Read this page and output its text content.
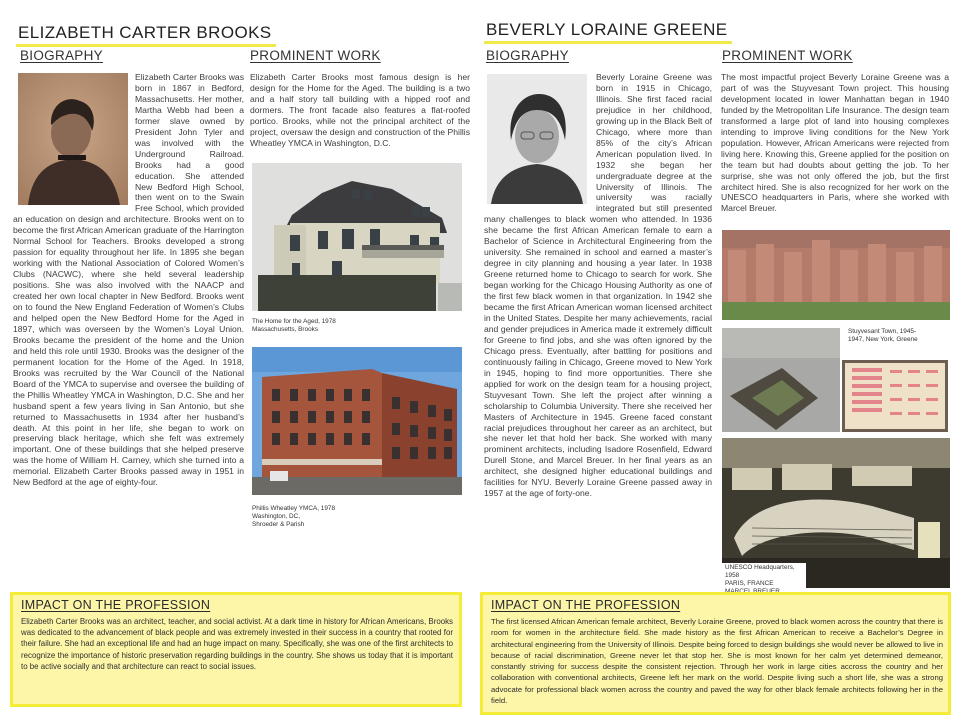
ELIZABETH CARTER BROOKS
BIOGRAPHY	PROMINENT WORK
Elizabeth Carter Brooks was born in 1867 in Bedford, Massachusetts. Her mother, Martha Webb had been a former slave owned by President John Tyler and was involved with the Underground Railroad. Brooks had a good education. She attended New Bedford High School, then went on to the Swain Free School, which provided an education on design and architecture. Brooks went on to become the first African American graduate of the Harrington Normal School for Teachers. Brooks developed a strong passion for equality throughout her life. In 1895 she began working with the National Association of Colored Women’s Clubs (NACWC), where she held several leadership positions. She was also involved with the NAACP and created her own local chapter in New Bedford. Brooks went on to found the New England Federation of Women’s Clubs and helped open the New Bedford Home for the Aged in 1897, which was overseen by the Women’s Loyal Union. Brooks became the president of the home and the Union and held this role until 1930. Brooks was the designer of the permanent location for the Home of the Aged. In 1918, Brooks was recruited by the War Council of the National Board of the YMCA to supervise and oversee the building of the Phillis Wheatley YMCA in Washington, D.C. She and her husband spent a few years living in San Antonio, but she returned to Massachusetts in 1934 after her husband’s death. At this point in her life, she began to work on preserving black heritage, which she felt was extremely important. One of these buildings that she helped preserve was the home of William H. Carney, which she turned into a memorial. Elizabeth Carter Brooks passed away in 1951 in New Bedford at the age of eighty-four.
Elizabeth Carter Brooks most famous design is her design for the Home for the Aged. The building is a two and a half story tall building with a hipped roof and dormers. The front facade also features a flat-roofed portico. Brooks, while not the principal architect of the project, oversaw the design and construction of the Phillis Wheatley YMCA in Washington, D.C.
The Home for the Aged, 1978
Massachusetts, Brooks
Phillis Wheatley YMCA, 1978
Washington, DC,
Shroeder & Parish
IMPACT ON THE PROFESSION
Elizabeth Carter Brooks was an architect, teacher, and social activist. At a dark time in history for African Americans, Brooks was dedicated to the advancement of black people and was extremely invested in their success in a country that rooted for their failure. She had an exceptional life and had an huge impact on many. Specifically, she was one of the first architects to recognize the importance of historic preservation regarding buildings in the country. She shows us today that it is important to be active socially and that architecture can react to social issues.
BEVERLY LORAINE GREENE
BIOGRAPHY	PROMINENT WORK
Beverly Loraine Greene was born in 1915 in Chicago, Illinois. She first faced racial prejudice in her childhood, growing up in the Black Belt of Chicago, where more than 85% of the city’s African American population lived. In 1932 she began her undergraduate degree at the University of Illinois. The university was racially integrated but still presented many challenges to black women who attended. In 1936 she became the first African American female to earn a Bachelor of Science in Architectural Engineering from the university. She remained in school and earned a master’s degree in city planning and housing a year later. In 1938 Greene returned home to Chicago to search for work. She began working for the Chicago Housing Authority as one of the first few black women in that organization. In 1942 she became the first African American woman licensed architect in the United States. Despite her many achievements, racial and gender prejudices in America made it extremely difficult for Greene to find jobs, and she was often ignored by the Chicago press. Eventually, after battling for positions and continuously failing in Chicago, Greene moved to New York in 1945, hoping to find more opportunities. There she applied for work on the design team for a housing project, Stuyvesant Town. She left the project after winning a scholarship to Columbia University. There she received her Masters of Architecture in 1945. Greene faced constant racial prejudices throughout her career as an architect, but she never let that hold her back. She worked with many prominent architects, including Isadore Rosenfield, Edward Durell Stone, and Marcel Breuer. In her final years as an architect, she designed higher educational buildings and facilities for NYU. Beverly Loraine Greene passed away in 1957 at the age of forty-one.
The most impactful project Beverly Loraine Greene was a part of was the Stuyvesant Town project. This housing development located in lower Manhattan began in 1940 funded by the Metropolitan Life Insurance. The design team transformed a large plot of land into housing complexes intending to improve living conditions for the New York population. However, African Americans were rejected from living here. Knowing this, Greene applied for the position on the team but had doubts about getting the job. To her surprise, she was not only offered the job, but the first architect hired. She is also recognized for her work on the UNESCO headquarters in Paris, where she worked with Marcel Breuer.
Stuyvesant Town, 1945-
1947, New York, Greene
UNESCO Headquarters, 1958
PARIS, FRANCE
IMPACT ON THE PROFESSION
The first licensed African American female architect, Beverly Loraine Greene, proved to black women across the country that there is room for women in the architecture field. She made history as the first African American to receive a Bachelor’s Degree in architectural engineering from the University of Illinois. Despite being forced to design buildings she would never be allowed to live in because of racial discrimination, Greene never let that stop her. She is most known for her calm yet determined demeanor, constantly striving for success despite the consistent rejection. Through her work in large cities accross the country and her collaboration with conventional architects, Greene left her mark on the world. Despite living such a short life, she was a strong advocate for professional black women across the country and paved the way for other black female architects following her in the field.
